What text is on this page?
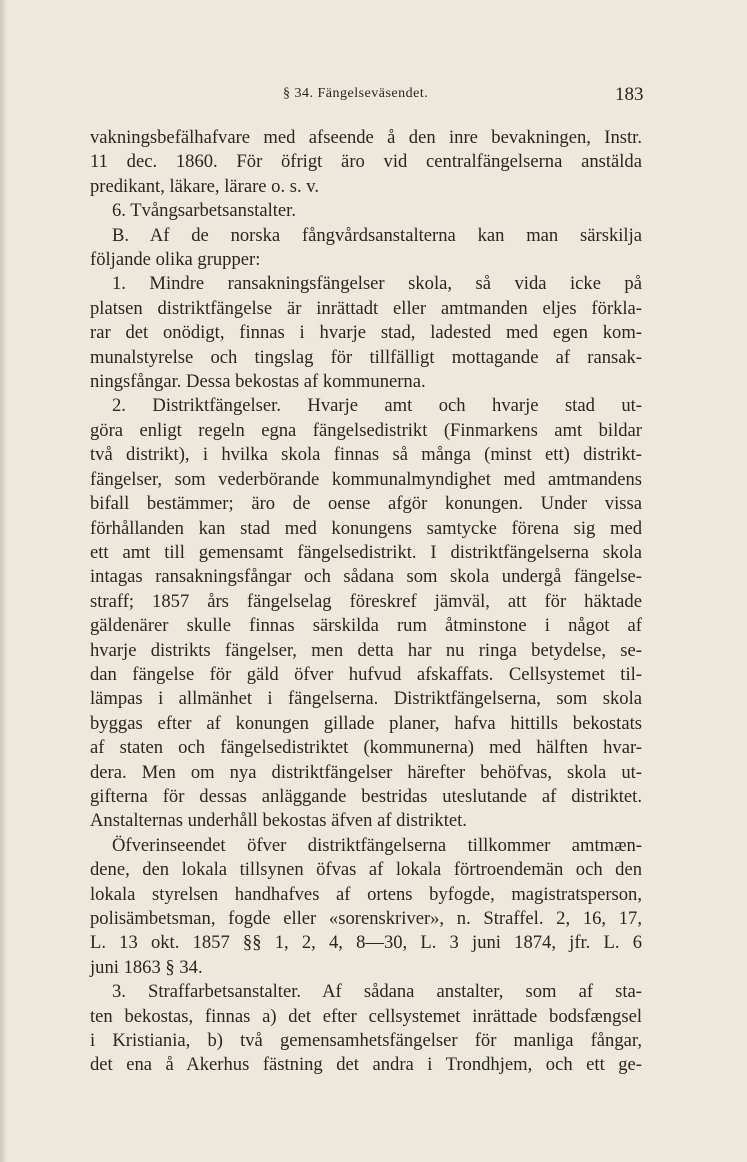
§ 34. Fängelseväsendet.	183
vakningsbefälhafvare med afseende å den inre bevakningen, Instr.
11 dec. 1860. För öfrigt äro vid centralfängelserna anstälda
predikant, läkare, lärare o. s. v.
6. Tvångsarbetsanstalter.
B. Af de norska fångvårdsanstalterna kan man särskilja
följande olika grupper:
1. Mindre ransakningsfängelser skola, så vida icke på
platsen distriktfängelse är inrättadt eller amtmanden eljes förkla-
rar det onödigt, finnas i hvarje stad, ladested med egen kom-
munalstyrelse och tingslag för tillfälligt mottagande af ransak-
ningsfångar. Dessa bekostas af kommunerna.
2. Distriktfängelser. Hvarje amt och hvarje stad ut-
göra enligt regeln egna fängelsedistrikt (Finmarkens amt bildar
två distrikt), i hvilka skola finnas så många (minst ett) distrikt-
fängelser, som vederbörande kommunalmyndighet med amtmandens
bifall bestämmer; äro de oense afgör konungen. Under vissa
förhållanden kan stad med konungens samtycke förena sig med
ett amt till gemensamt fängelsedistrikt. I distriktfängelserna skola
intagas ransakningsfångar och sådana som skola undergå fängelse-
straff; 1857 års fängelselag föreskref jämväl, att för häktade
gäldenärer skulle finnas särskilda rum åtminstone i något af
hvarje distrikts fängelser, men detta har nu ringa betydelse, se-
dan fängelse för gäld öfver hufvud afskaffats. Cellsystemet til-
lämpas i allmänhet i fängelserna. Distriktfängelserna, som skola
byggas efter af konungen gillade planer, hafva hittills bekostats
af staten och fängelsedistriktet (kommunerna) med hälften hvar-
dera. Men om nya distriktfängelser härefter behöfvas, skola ut-
gifterna för dessas anläggande bestridas uteslutande af distriktet.
Anstalternas underhåll bekostas äfven af distriktet.
Öfverinseendet öfver distriktfängelserna tillkommer amtmæn-
dene, den lokala tillsynen öfvas af lokala förtroendemän och den
lokala styrelsen handhafves af ortens byfogde, magistratsperson,
polisämbetsman, fogde eller «sorenskriver», n. Straffel. 2, 16, 17,
L. 13 okt. 1857 §§ 1, 2, 4, 8—30, L. 3 juni 1874, jfr. L. 6
juni 1863 § 34.
3. Straffarbetsanstalter. Af sådana anstalter, som af sta-
ten bekostas, finnas a) det efter cellsystemet inrättade bodsfængsel
i Kristiania, b) två gemensamhetsfängelser för manliga fångar,
det ena å Akerhus fästning det andra i Trondhjem, och ett ge-
